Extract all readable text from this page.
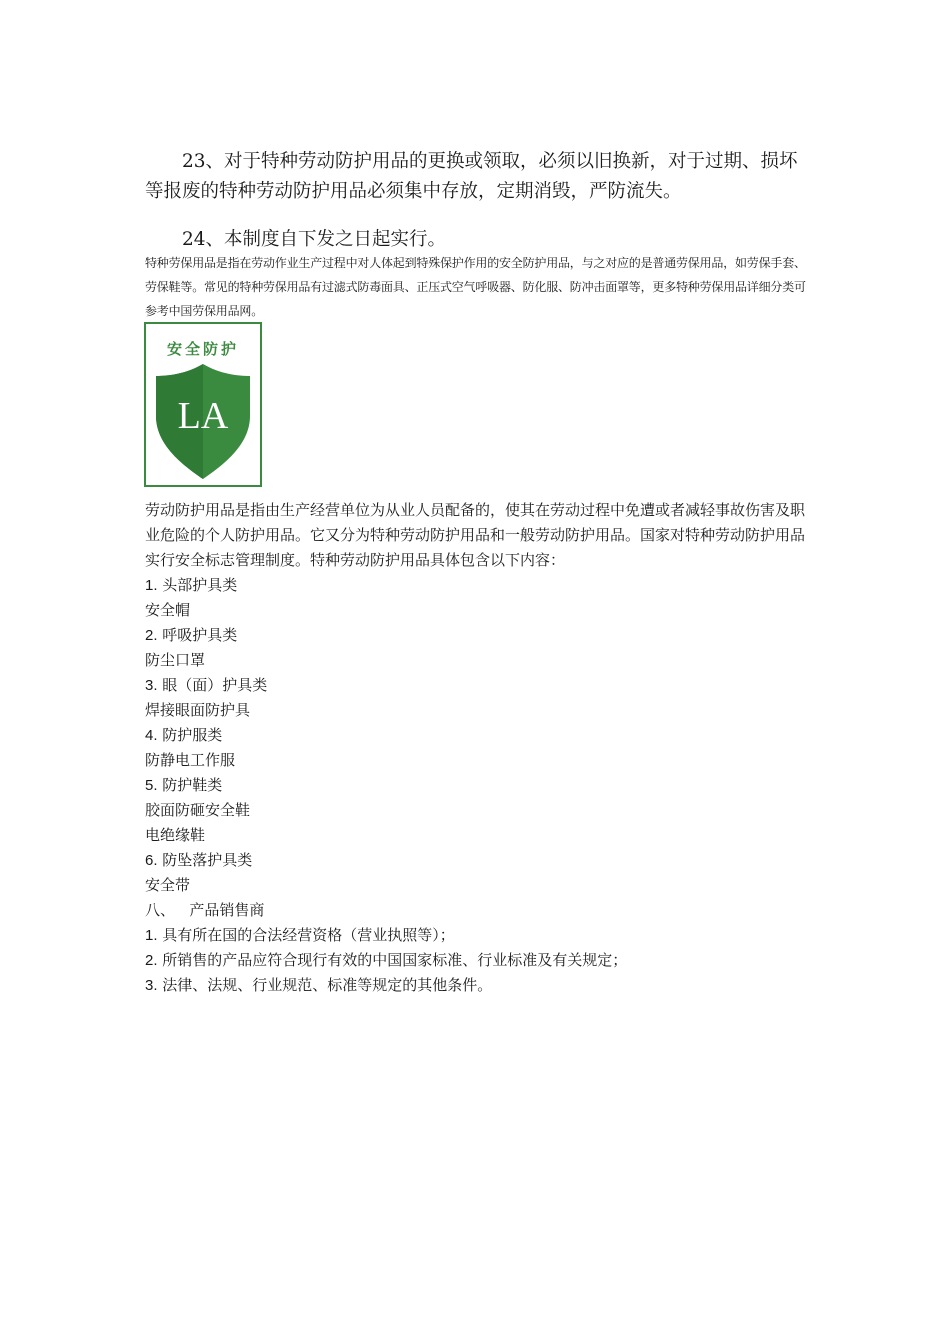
23、对于特种劳动防护用品的更换或领取，必须以旧换新，对于过期、损坏等报废的特种劳动防护用品必须集中存放，定期消毁，严防流失。

24、本制度自下发之日起实行。

特种劳保用品是指在劳动作业生产过程中对人体起到特殊保护作用的安全防护用品，与之对应的是普通劳保用品，如劳保手套、劳保鞋等。常见的特种劳保用品有过滤式防毒面具、正压式空气呼吸器、防化服、防冲击面罩等，更多特种劳保用品详细分类可参考中国劳保用品网。

安全防护
LA

劳动防护用品是指由生产经营单位为从业人员配备的，使其在劳动过程中免遭或者减轻事故伤害及职业危险的个人防护用品。它又分为特种劳动防护用品和一般劳动防护用品。国家对特种劳动防护用品实行安全标志管理制度。特种劳动防护用品具体包含以下内容：

1. 头部护具类

安全帽

2. 呼吸护具类

防尘口罩

3. 眼（面）护具类

焊接眼面防护具

4. 防护服类

防静电工作服

5. 防护鞋类

胶面防砸安全鞋

电绝缘鞋

6. 防坠落护具类

安全带

八、 产品销售商

1. 具有所在国的合法经营资格（营业执照等）；

2. 所销售的产品应符合现行有效的中国国家标准、行业标准及有关规定；

3. 法律、法规、行业规范、标准等规定的其他条件。
